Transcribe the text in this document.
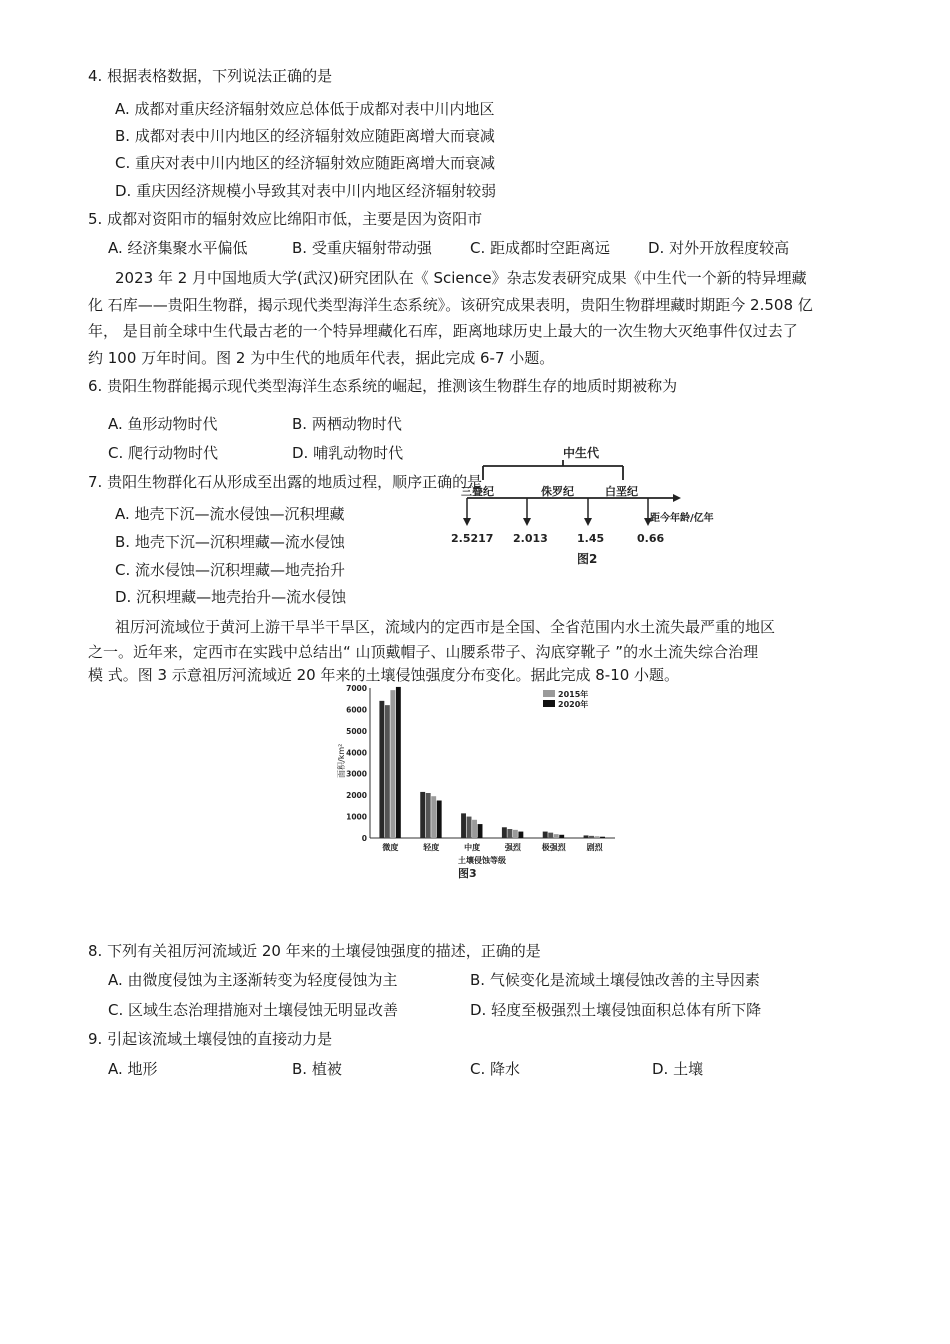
4. 根据表格数据，下列说法正确的是
A. 成都对重庆经济辐射效应总体低于成都对表中川内地区
B. 成都对表中川内地区的经济辐射效应随距离增大而衰减
C. 重庆对表中川内地区的经济辐射效应随距离增大而衰减
D. 重庆因经济规模小导致其对表中川内地区经济辐射较弱
5. 成都对资阳市的辐射效应比绵阳市低，主要是因为资阳市
A. 经济集聚水平偏低	B. 受重庆辐射带动强	C. 距成都时空距离远	D. 对外开放程度较高
2023 年 2 月中国地质大学(武汉)研究团队在《 Science》杂志发表研究成果《中生代一个新的特异埋藏
化 石库——贵阳生物群，揭示现代类型海洋生态系统》。该研究成果表明，贵阳生物群埋藏时期距今 2.508 亿
年， 是目前全球中生代最古老的一个特异埋藏化石库，距离地球历史上最大的一次生物大灭绝事件仅过去了
约 100 万年时间。图 2 为中生代的地质年代表，据此完成 6-7 小题。
6. 贵阳生物群能揭示现代类型海洋生态系统的崛起，推测该生物群生存的地质时期被称为
A. 鱼形动物时代	B. 两栖动物时代
C. 爬行动物时代	D. 哺乳动物时代
7. 贵阳生物群化石从形成至出露的地质过程，顺序正确的是
A. 地壳下沉—流水侵蚀—沉积埋藏
B. 地壳下沉—沉积埋藏—流水侵蚀
C. 流水侵蚀—沉积埋藏—地壳抬升
D. 沉积埋藏—地壳抬升—流水侵蚀
中生代
三叠纪	侏罗纪	白垩纪
2.5217 2.013	1.45	0.66
距今年龄/亿年
图2
祖厉河流域位于黄河上游干旱半干旱区，流域内的定西市是全国、全省范围内水土流失最严重的地区
之一。近年来，定西市在实践中总结出“ 山顶戴帽子、山腰系带子、沟底穿靴子 ”的水土流失综合治理
模 式。图 3 示意祖厉河流域近 20 年来的土壤侵蚀强度分布变化。据此完成 8-10 小题。
面积/km²
0
1000
2000
3000
4000
5000
6000
7000
微度	轻度	中度	强烈	极强烈	剧烈
2015年
2020年
土壤侵蚀等级
图3
8. 下列有关祖厉河流域近 20 年来的土壤侵蚀强度的描述，正确的是
A. 由微度侵蚀为主逐渐转变为轻度侵蚀为主	B. 气候变化是流域土壤侵蚀改善的主导因素
C. 区域生态治理措施对土壤侵蚀无明显改善	D. 轻度至极强烈土壤侵蚀面积总体有所下降
9. 引起该流域土壤侵蚀的直接动力是
A. 地形	B. 植被	C. 降水	D. 土壤
